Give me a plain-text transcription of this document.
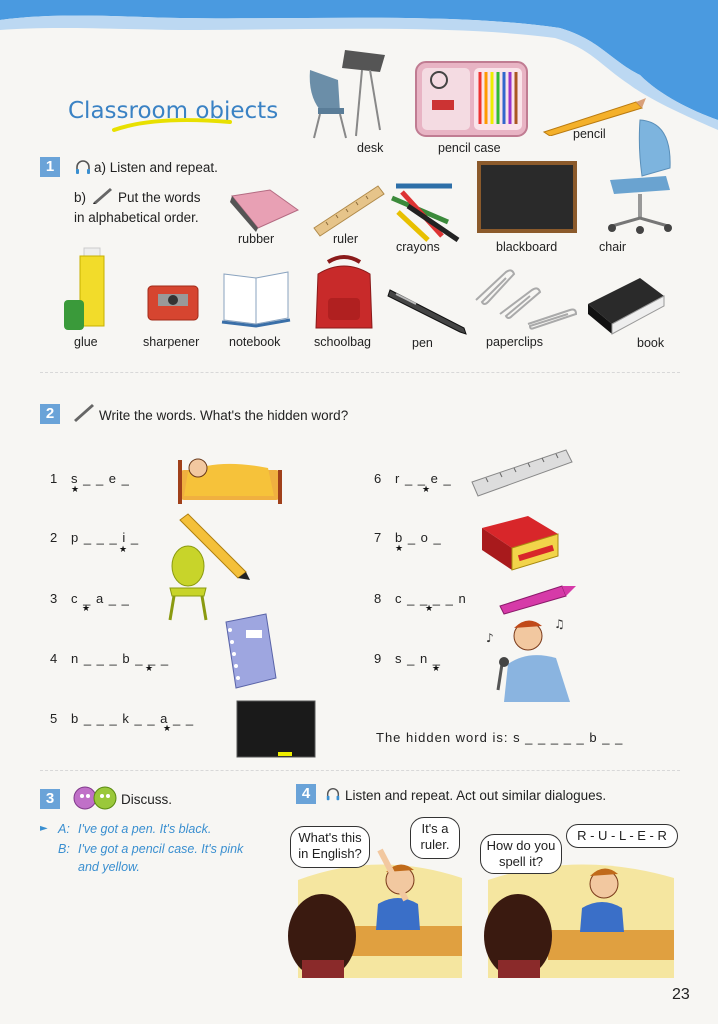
Classroom objects
1	a) Listen and repeat.
b) Put the words
in alphabetical order.
desk	pencil case
pencil
chair
rubber	ruler
crayons	blackboard
glue	sharpener notebook	schoolbag	pen	paperclips	book
2	Write the words. What's the hidden word?
1 s _ _ e _
★
2 p _ _ _ i _
★
3 c _ a _ _
★
4 n _ _ _ b _ _ _
★
5 b _ _ _ k _ _ a _ _
★
6 r _ _ e _
★
7 b _ o _
★
8 c _ _ _ _ n
★
9 s _ n _
★
♪
♫
The hidden word is: s _ _ _ _ _ b _ _
3	Discuss.
► A: I've got a pen. It's black.
B: I've got a pencil case. It's pink
and yellow.
4	Listen and repeat. Act out similar dialogues.
What's this in English?
It's a ruler.	How do you spell it?
R - U - L - E - R
23
